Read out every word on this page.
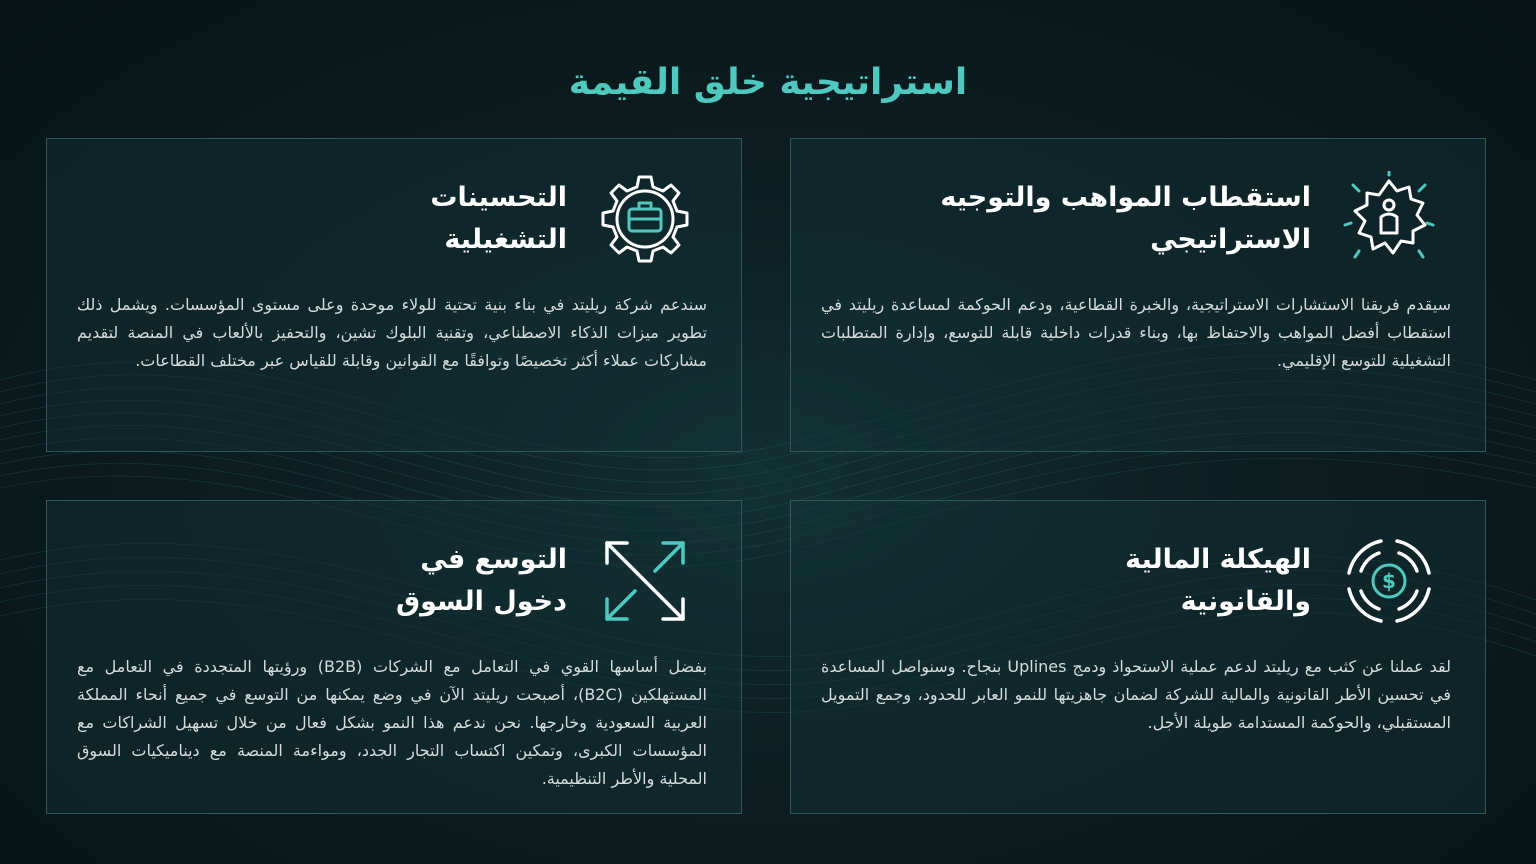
استراتيجية خلق القيمة
استقطاب المواهب والتوجيه
الاستراتيجي
سيقدم فريقنا الاستشارات الاستراتيجية، والخبرة القطاعية، ودعم الحوكمة لمساعدة ريليتد في استقطاب أفضل المواهب والاحتفاظ بها، وبناء قدرات داخلية قابلة للتوسع، وإدارة المتطلبات التشغيلية للتوسع الإقليمي.
التحسينات
التشغيلية
سندعم شركة ريليتد في بناء بنية تحتية للولاء موحدة وعلى مستوى المؤسسات. ويشمل ذلك تطوير ميزات الذكاء الاصطناعي، وتقنية البلوك تشين، والتحفيز بالألعاب في المنصة لتقديم مشاركات عملاء أكثر تخصيصًا وتوافقًا مع القوانين وقابلة للقياس عبر مختلف القطاعات.
$
الهيكلة المالية
والقانونية
لقد عملنا عن كثب مع ريليتد لدعم عملية الاستحواذ ودمج Uplines بنجاح. وسنواصل المساعدة في تحسين الأطر القانونية والمالية للشركة لضمان جاهزيتها للنمو العابر للحدود، وجمع التمويل المستقبلي، والحوكمة المستدامة طويلة الأجل.
التوسع في
دخول السوق
بفضل أساسها القوي في التعامل مع الشركات (B2B) ورؤيتها المتجددة في التعامل مع المستهلكين (B2C)، أصبحت ريليتد الآن في وضع يمكنها من التوسع في جميع أنحاء المملكة العربية السعودية وخارجها. نحن ندعم هذا النمو بشكل فعال من خلال تسهيل الشراكات مع المؤسسات الكبرى، وتمكين اكتساب التجار الجدد، ومواءمة المنصة مع ديناميكيات السوق المحلية والأطر التنظيمية.
